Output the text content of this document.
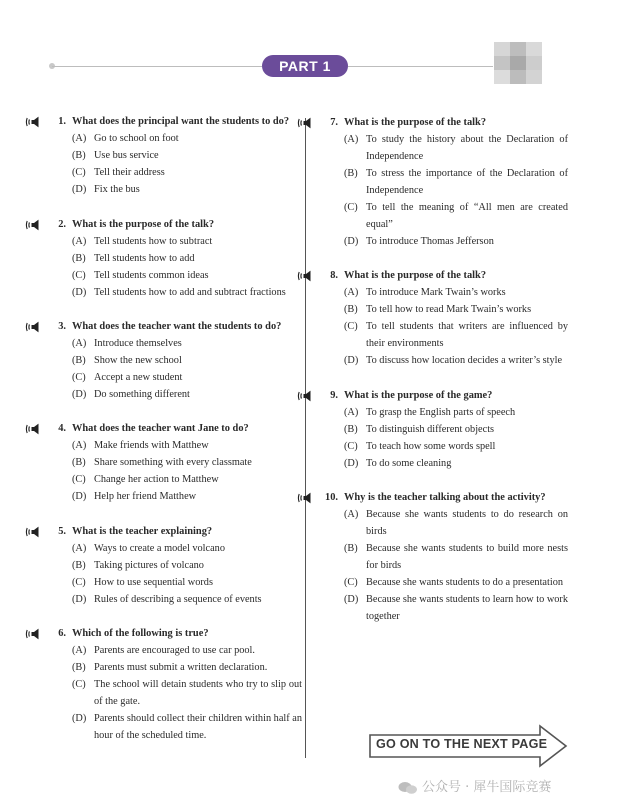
PART 1
1. What does the principal want the students to do?

(A) Go to school on foot
(B) Use bus service
(C) Tell their address
(D) Fix the bus
2. What is the purpose of the talk?

(A) Tell students how to subtract
(B) Tell students how to add
(C) Tell students common ideas
(D) Tell students how to add and subtract fractions
3. What does the teacher want the students to do?

(A) Introduce themselves
(B) Show the new school
(C) Accept a new student
(D) Do something different
4. What does the teacher want Jane to do?

(A) Make friends with Matthew
(B) Share something with every classmate
(C) Change her action to Matthew
(D) Help her friend Matthew
5. What is the teacher explaining?

(A) Ways to create a model volcano
(B) Taking pictures of volcano
(C) How to use sequential words
(D) Rules of describing a sequence of events
6. Which of the following is true?

(A) Parents are encouraged to use car pool.
(B) Parents must submit a written declaration.
(C) The school will detain students who try to slip out of the gate.
(D) Parents should collect their children within half an hour of the scheduled time.
7. What is the purpose of the talk?

(A) To study the history about the Declaration of Independence
(B) To stress the importance of the Declaration of Independence
(C) To tell the meaning of “All men are created equal”
(D) To introduce Thomas Jefferson
8. What is the purpose of the talk?

(A) To introduce Mark Twain’s works
(B) To tell how to read Mark Twain’s works
(C) To tell students that writers are influenced by their environments
(D) To discuss how location decides a writer’s style
9. What is the purpose of the game?

(A) To grasp the English parts of speech
(B) To distinguish different objects
(C) To teach how some words spell
(D) To do some cleaning
10. Why is the teacher talking about the activity?

(A) Because she wants students to do research on birds
(B) Because she wants students to build more nests for birds
(C) Because she wants students to do a presentation
(D) Because she wants students to learn how to work together
GO ON TO THE NEXT PAGE
公众号 · 犀牛国际竞赛
